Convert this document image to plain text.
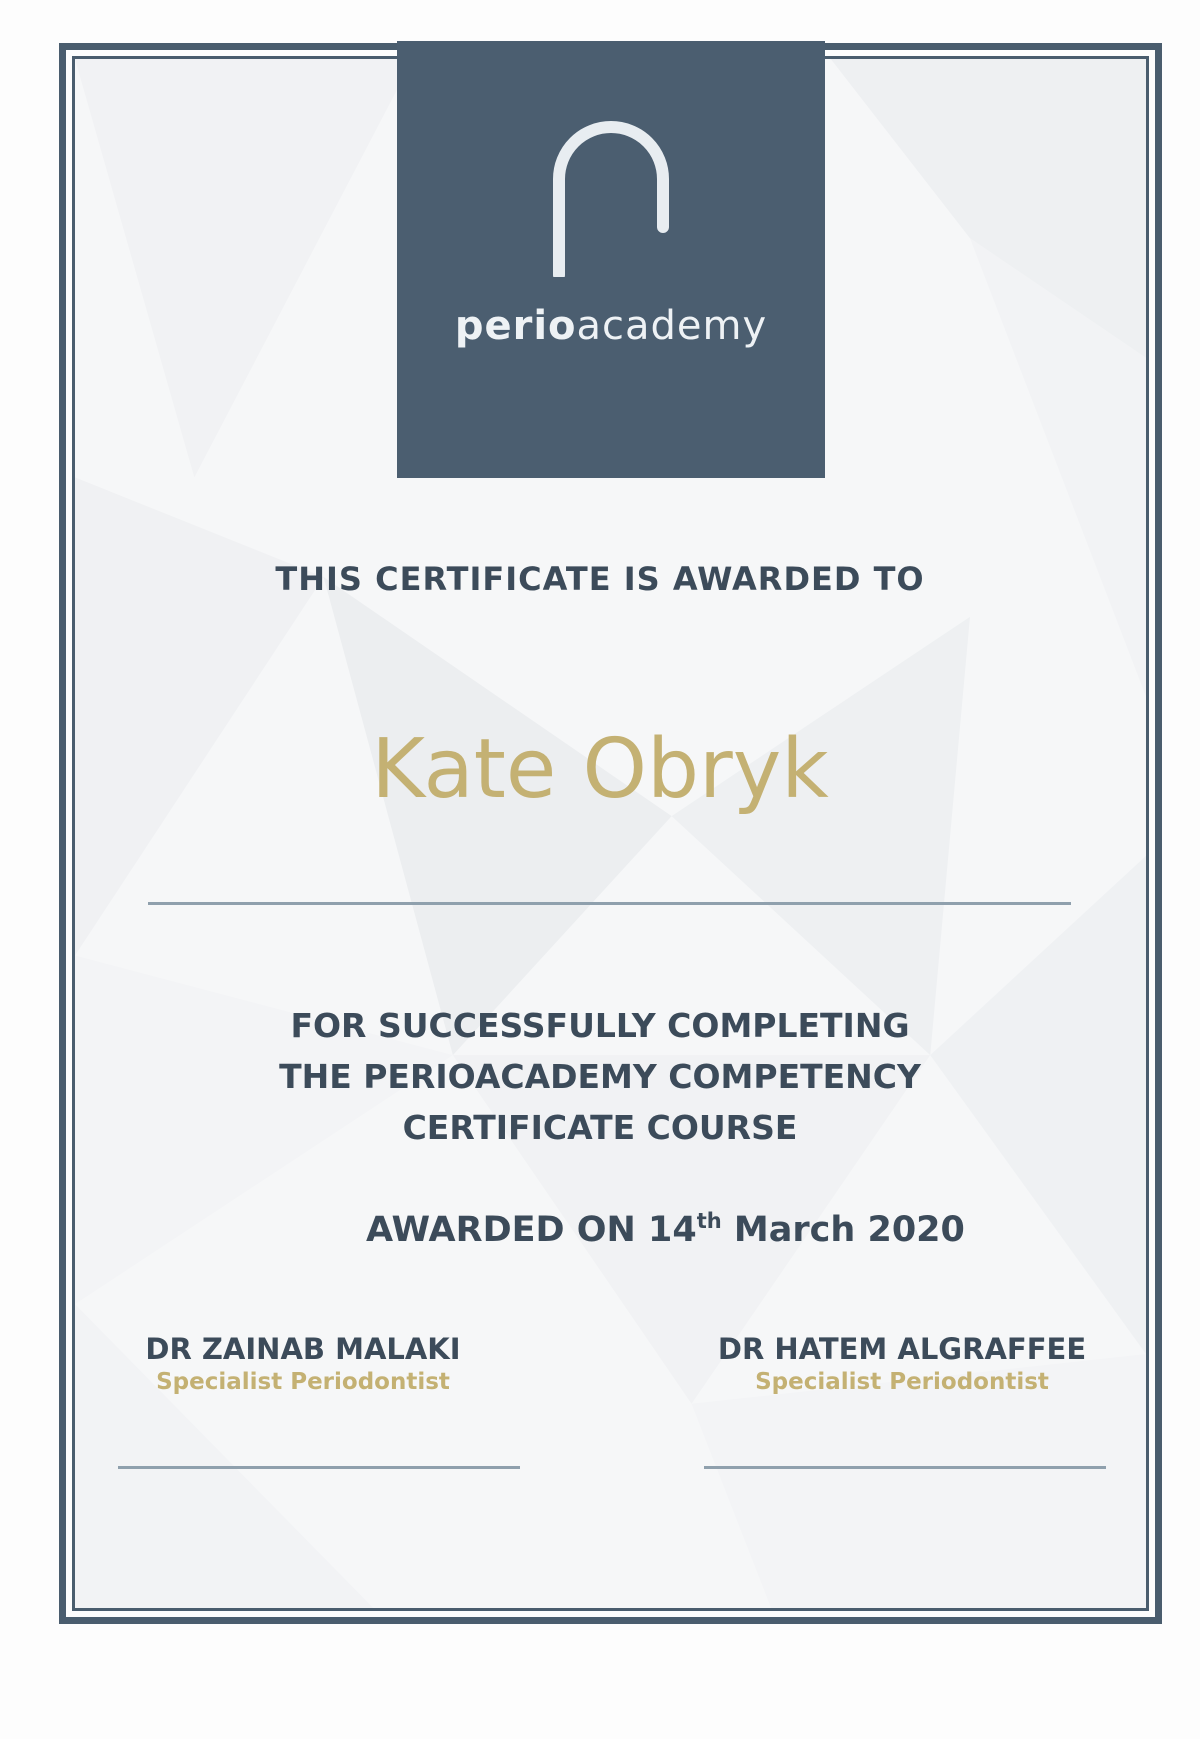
perioacademy
THIS CERTIFICATE IS AWARDED TO
Kate Obryk
FOR SUCCESSFULLY COMPLETING
THE PERIOACADEMY COMPETENCY
CERTIFICATE COURSE
AWARDED ON 14th March 2020
DR ZAINAB MALAKI
Specialist Periodontist
DR HATEM ALGRAFFEE
Specialist Periodontist
